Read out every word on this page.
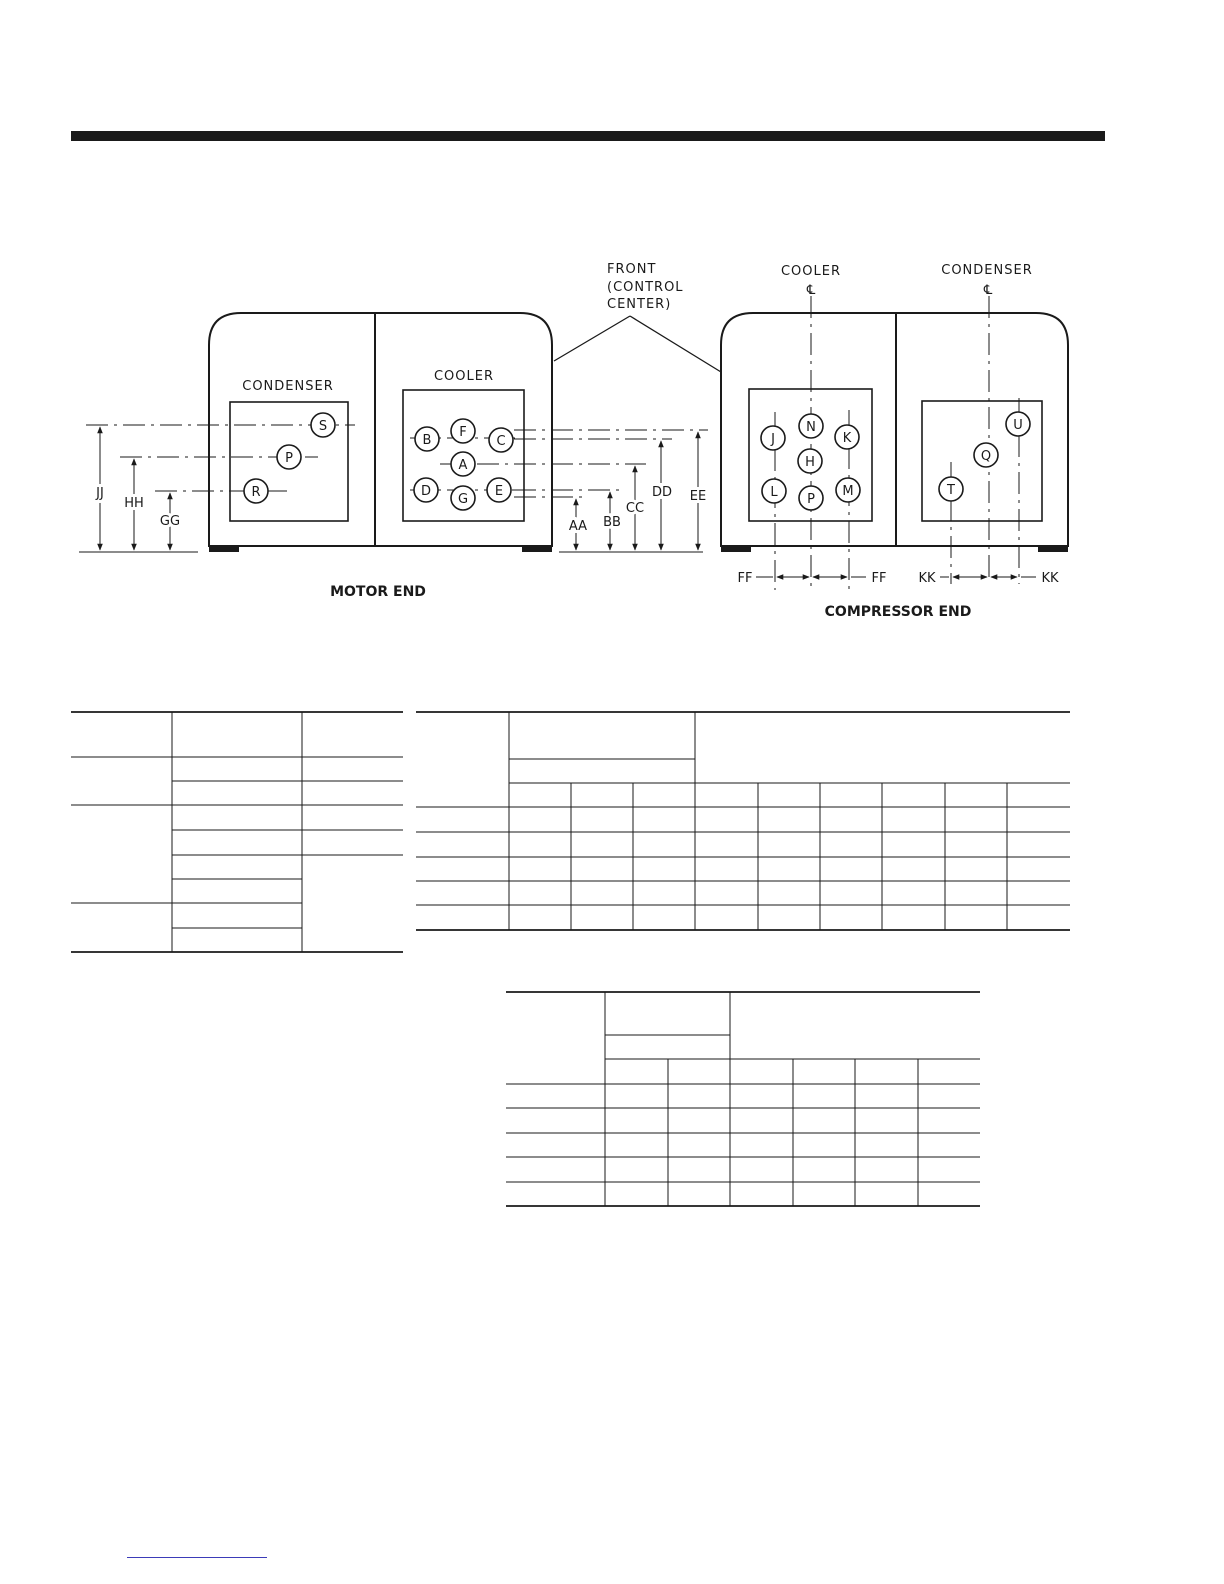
CONDENSER
COOLER
MOTOR END
S
P
R
B
F
C
A
D
G
E
JJ
HH
GG	AA BB
CC
DD EE
FRONT
(CONTROL
CENTER)
COOLER	CONDENSER
℄	℄
COMPRESSOR END
J
N
K
H
L P
M
U
Q
T
FF	FF KK	KK
